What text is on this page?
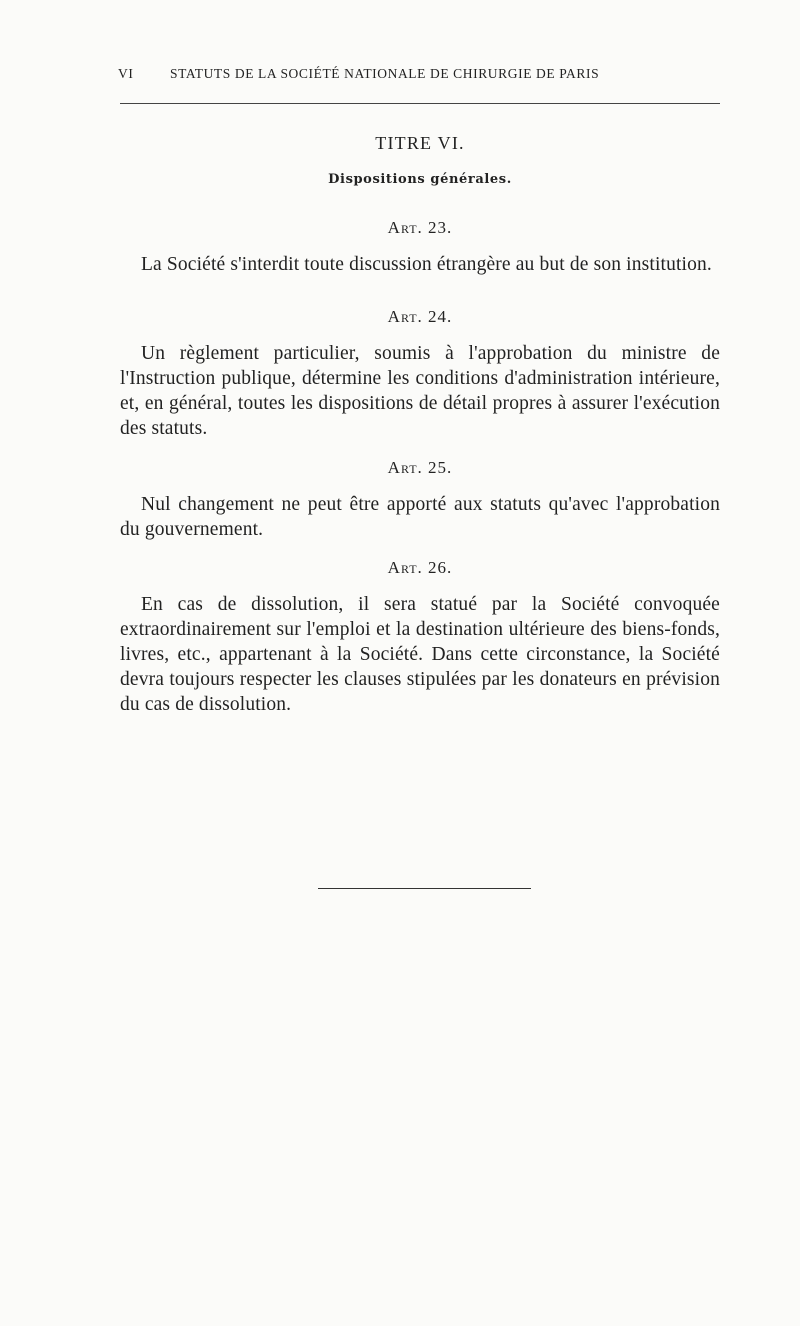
VI	STATUTS DE LA SOCIÉTÉ NATIONALE DE CHIRURGIE DE PARIS
TITRE VI.
Dispositions générales.
Art. 23.
La Société s'interdit toute discussion étrangère au but de son institution.
Art. 24.
Un règlement particulier, soumis à l'approbation du ministre de l'Instruction publique, détermine les conditions d'administration intérieure, et, en général, toutes les dispositions de détail propres à assurer l'exécution des statuts.
Art. 25.
Nul changement ne peut être apporté aux statuts qu'avec l'approbation du gouvernement.
Art. 26.
En cas de dissolution, il sera statué par la Société convoquée extraordinairement sur l'emploi et la destination ultérieure des biens-fonds, livres, etc., appartenant à la Société. Dans cette circonstance, la Société devra toujours respecter les clauses stipulées par les donateurs en prévision du cas de dissolution.
